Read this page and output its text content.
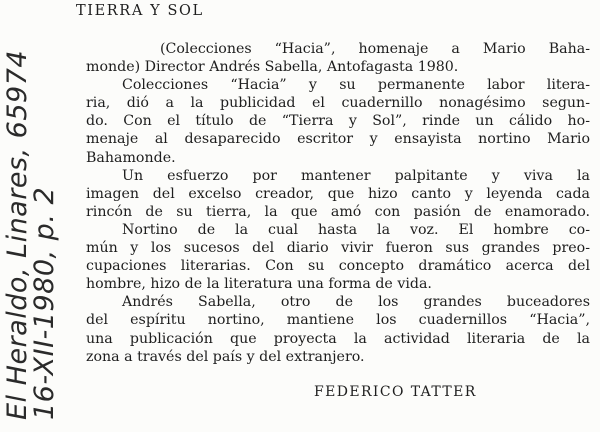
TIERRA Y SOL
(Colecciones “Hacia”, homenaje a Mario Baha-
monde) Director Andrés Sabella, Antofagasta 1980.
Colecciones “Hacia” y su permanente labor litera-
ria, dió a la publicidad el cuadernillo nonagésimo segun-
do. Con el título de “Tierra y Sol”, rinde un cálido ho-
menaje al desaparecido escritor y ensayista nortino Mario
Bahamonde.
Un esfuerzo por mantener palpitante y viva la
imagen del excelso creador, que hizo canto y leyenda cada
rincón de su tierra, la que amó con pasión de enamorado.
Nortino de la cual hasta la voz. El hombre co-
mún y los sucesos del diario vivir fueron sus grandes preo-
cupaciones literarias. Con su concepto dramático acerca del
hombre, hizo de la literatura una forma de vida.
Andrés Sabella, otro de los grandes buceadores
del espíritu nortino, mantiene los cuadernillos “Hacia”,
una publicación que proyecta la actividad literaria de la
zona a través del país y del extranjero.
FEDERICO TATTER
El Heraldo, Linares, 65974
16-XII-1980, p. 2
